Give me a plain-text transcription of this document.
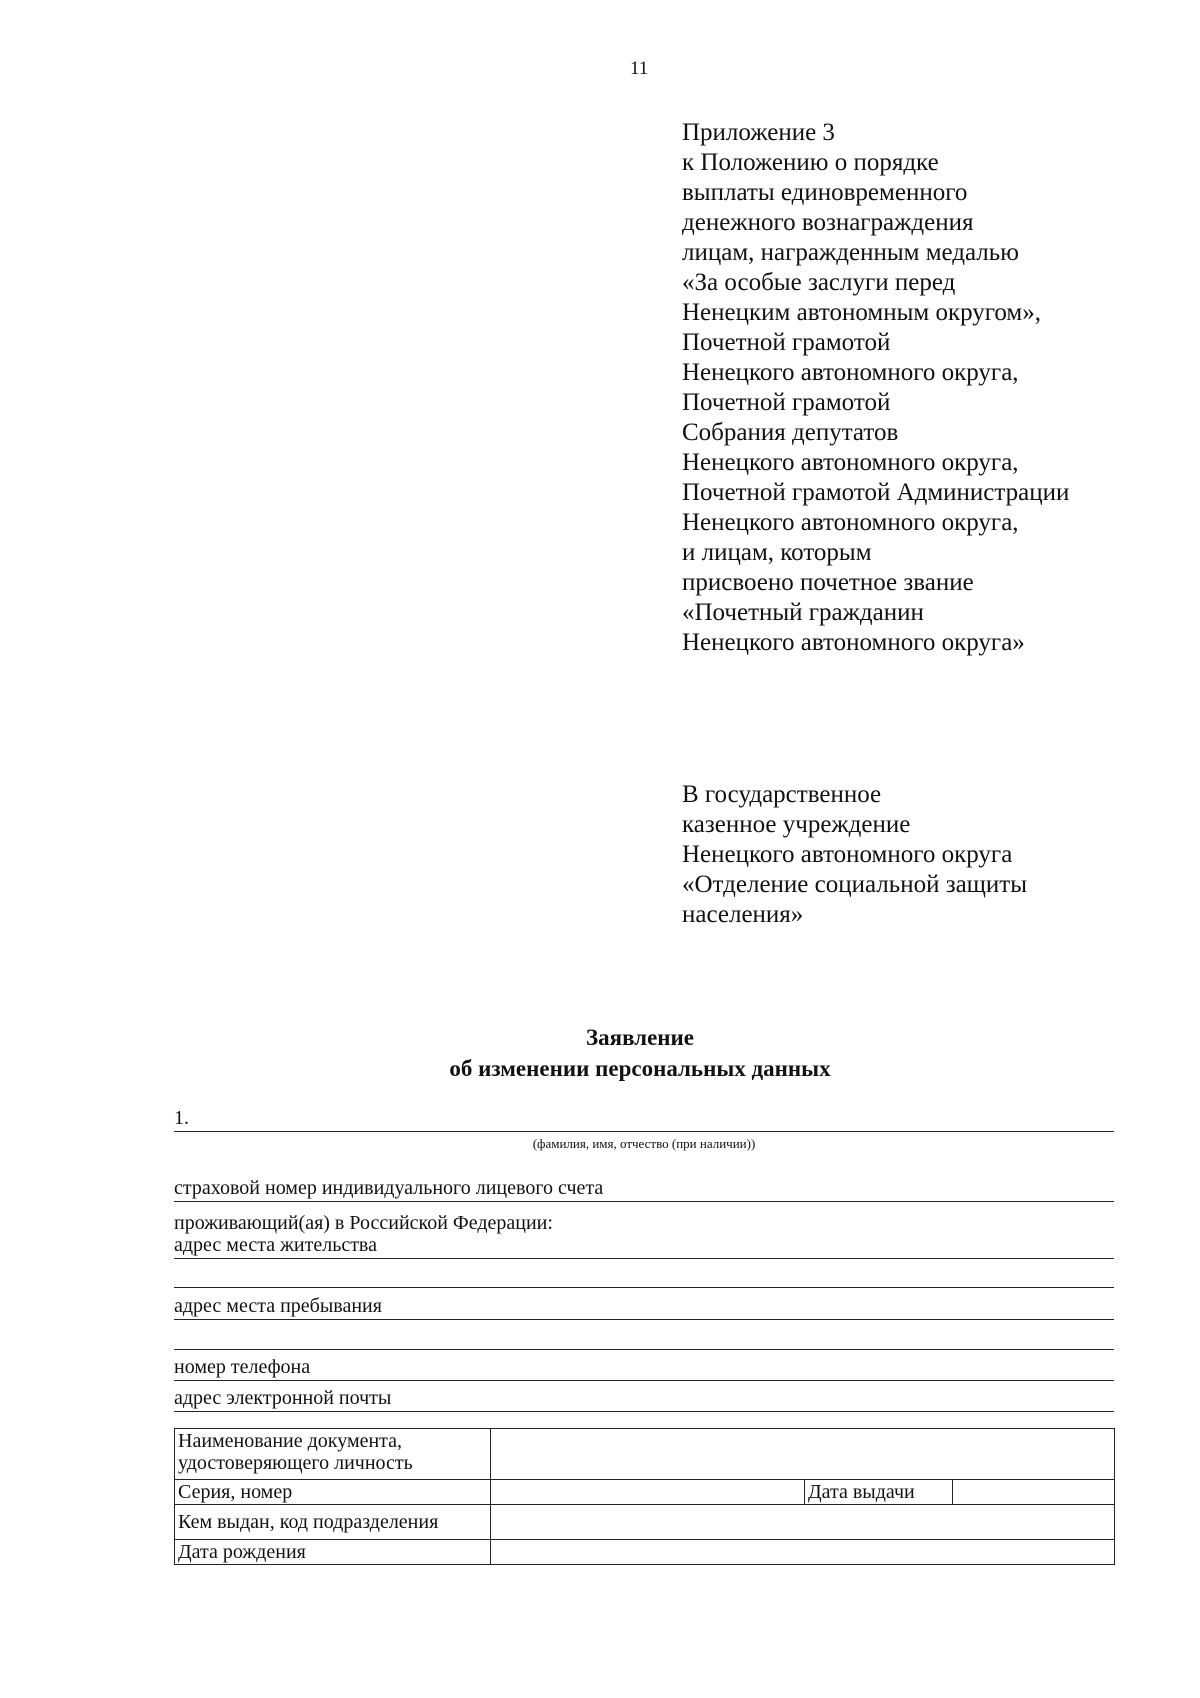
11
Приложение 3
к Положению о порядке
выплаты единовременного
денежного вознаграждения
лицам, награжденным медалью
«За особые заслуги перед
Ненецким автономным округом»,
Почетной грамотой
Ненецкого автономного округа,
Почетной грамотой
Собрания депутатов
Ненецкого автономного округа,
Почетной грамотой Администрации
Ненецкого автономного округа,
и лицам, которым
присвоено почетное звание
«Почетный гражданин
Ненецкого автономного округа»
В государственное
казенное учреждение
Ненецкого автономного округа
«Отделение социальной защиты
населения»
Заявление
об изменении персональных данных
1.
(фамилия, имя, отчество (при наличии))
страховой номер индивидуального лицевого счета
проживающий(ая) в Российской Федерации:
адрес места жительства
адрес места пребывания
номер телефона
адрес электронной почты
Наименование документа,
удостоверяющего личность			

Серия, номер		Дата выдачи	
Кем выдан, код подразделения			
Дата рождения			
